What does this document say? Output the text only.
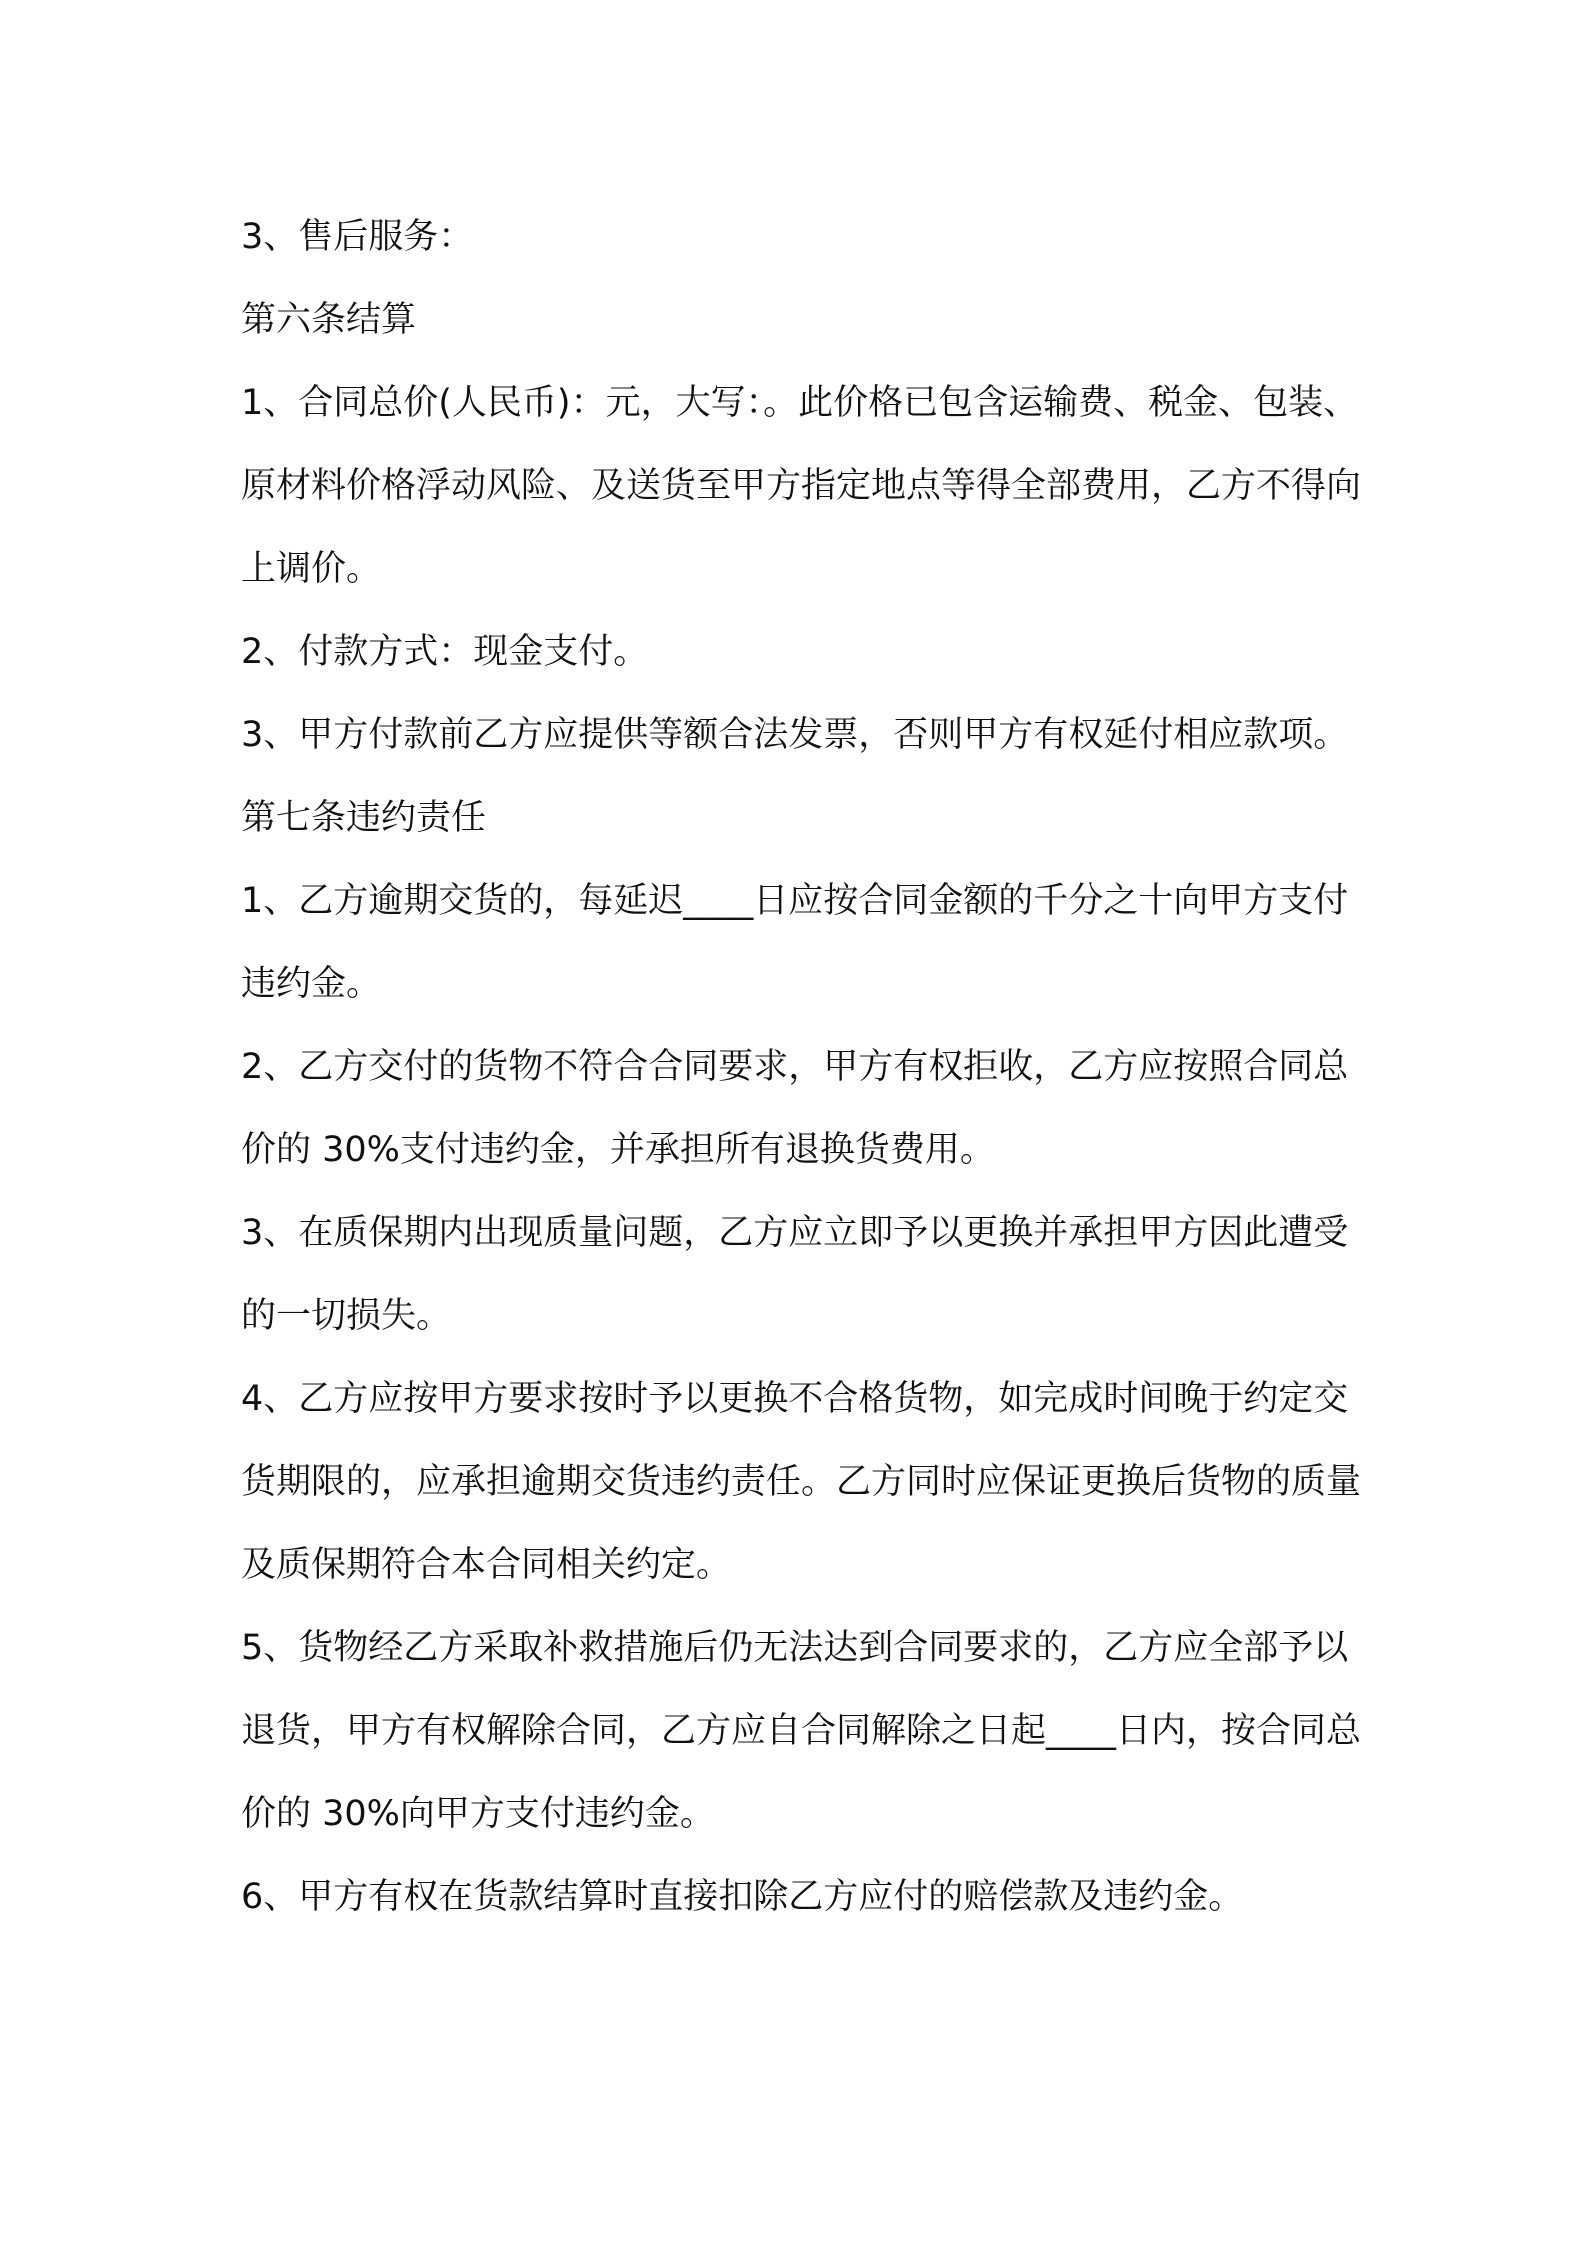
3、售后服务：

第六条结算

1、合同总价(人民币)：元，大写：。此价格已包含运输费、税金、包装、原材料价格浮动风险、及送货至甲方指定地点等得全部费用，乙方不得向上调价。

2、付款方式：现金支付。

3、甲方付款前乙方应提供等额合法发票，否则甲方有权延付相应款项。

第七条违约责任

1、乙方逾期交货的，每延迟____日应按合同金额的千分之十向甲方支付违约金。

2、乙方交付的货物不符合合同要求，甲方有权拒收，乙方应按照合同总价的 30%支付违约金，并承担所有退换货费用。

3、在质保期内出现质量问题，乙方应立即予以更换并承担甲方因此遭受的一切损失。

4、乙方应按甲方要求按时予以更换不合格货物，如完成时间晚于约定交货期限的，应承担逾期交货违约责任。乙方同时应保证更换后货物的质量及质保期符合本合同相关约定。

5、货物经乙方采取补救措施后仍无法达到合同要求的，乙方应全部予以退货，甲方有权解除合同，乙方应自合同解除之日起____日内，按合同总价的 30%向甲方支付违约金。

6、甲方有权在货款结算时直接扣除乙方应付的赔偿款及违约金。
